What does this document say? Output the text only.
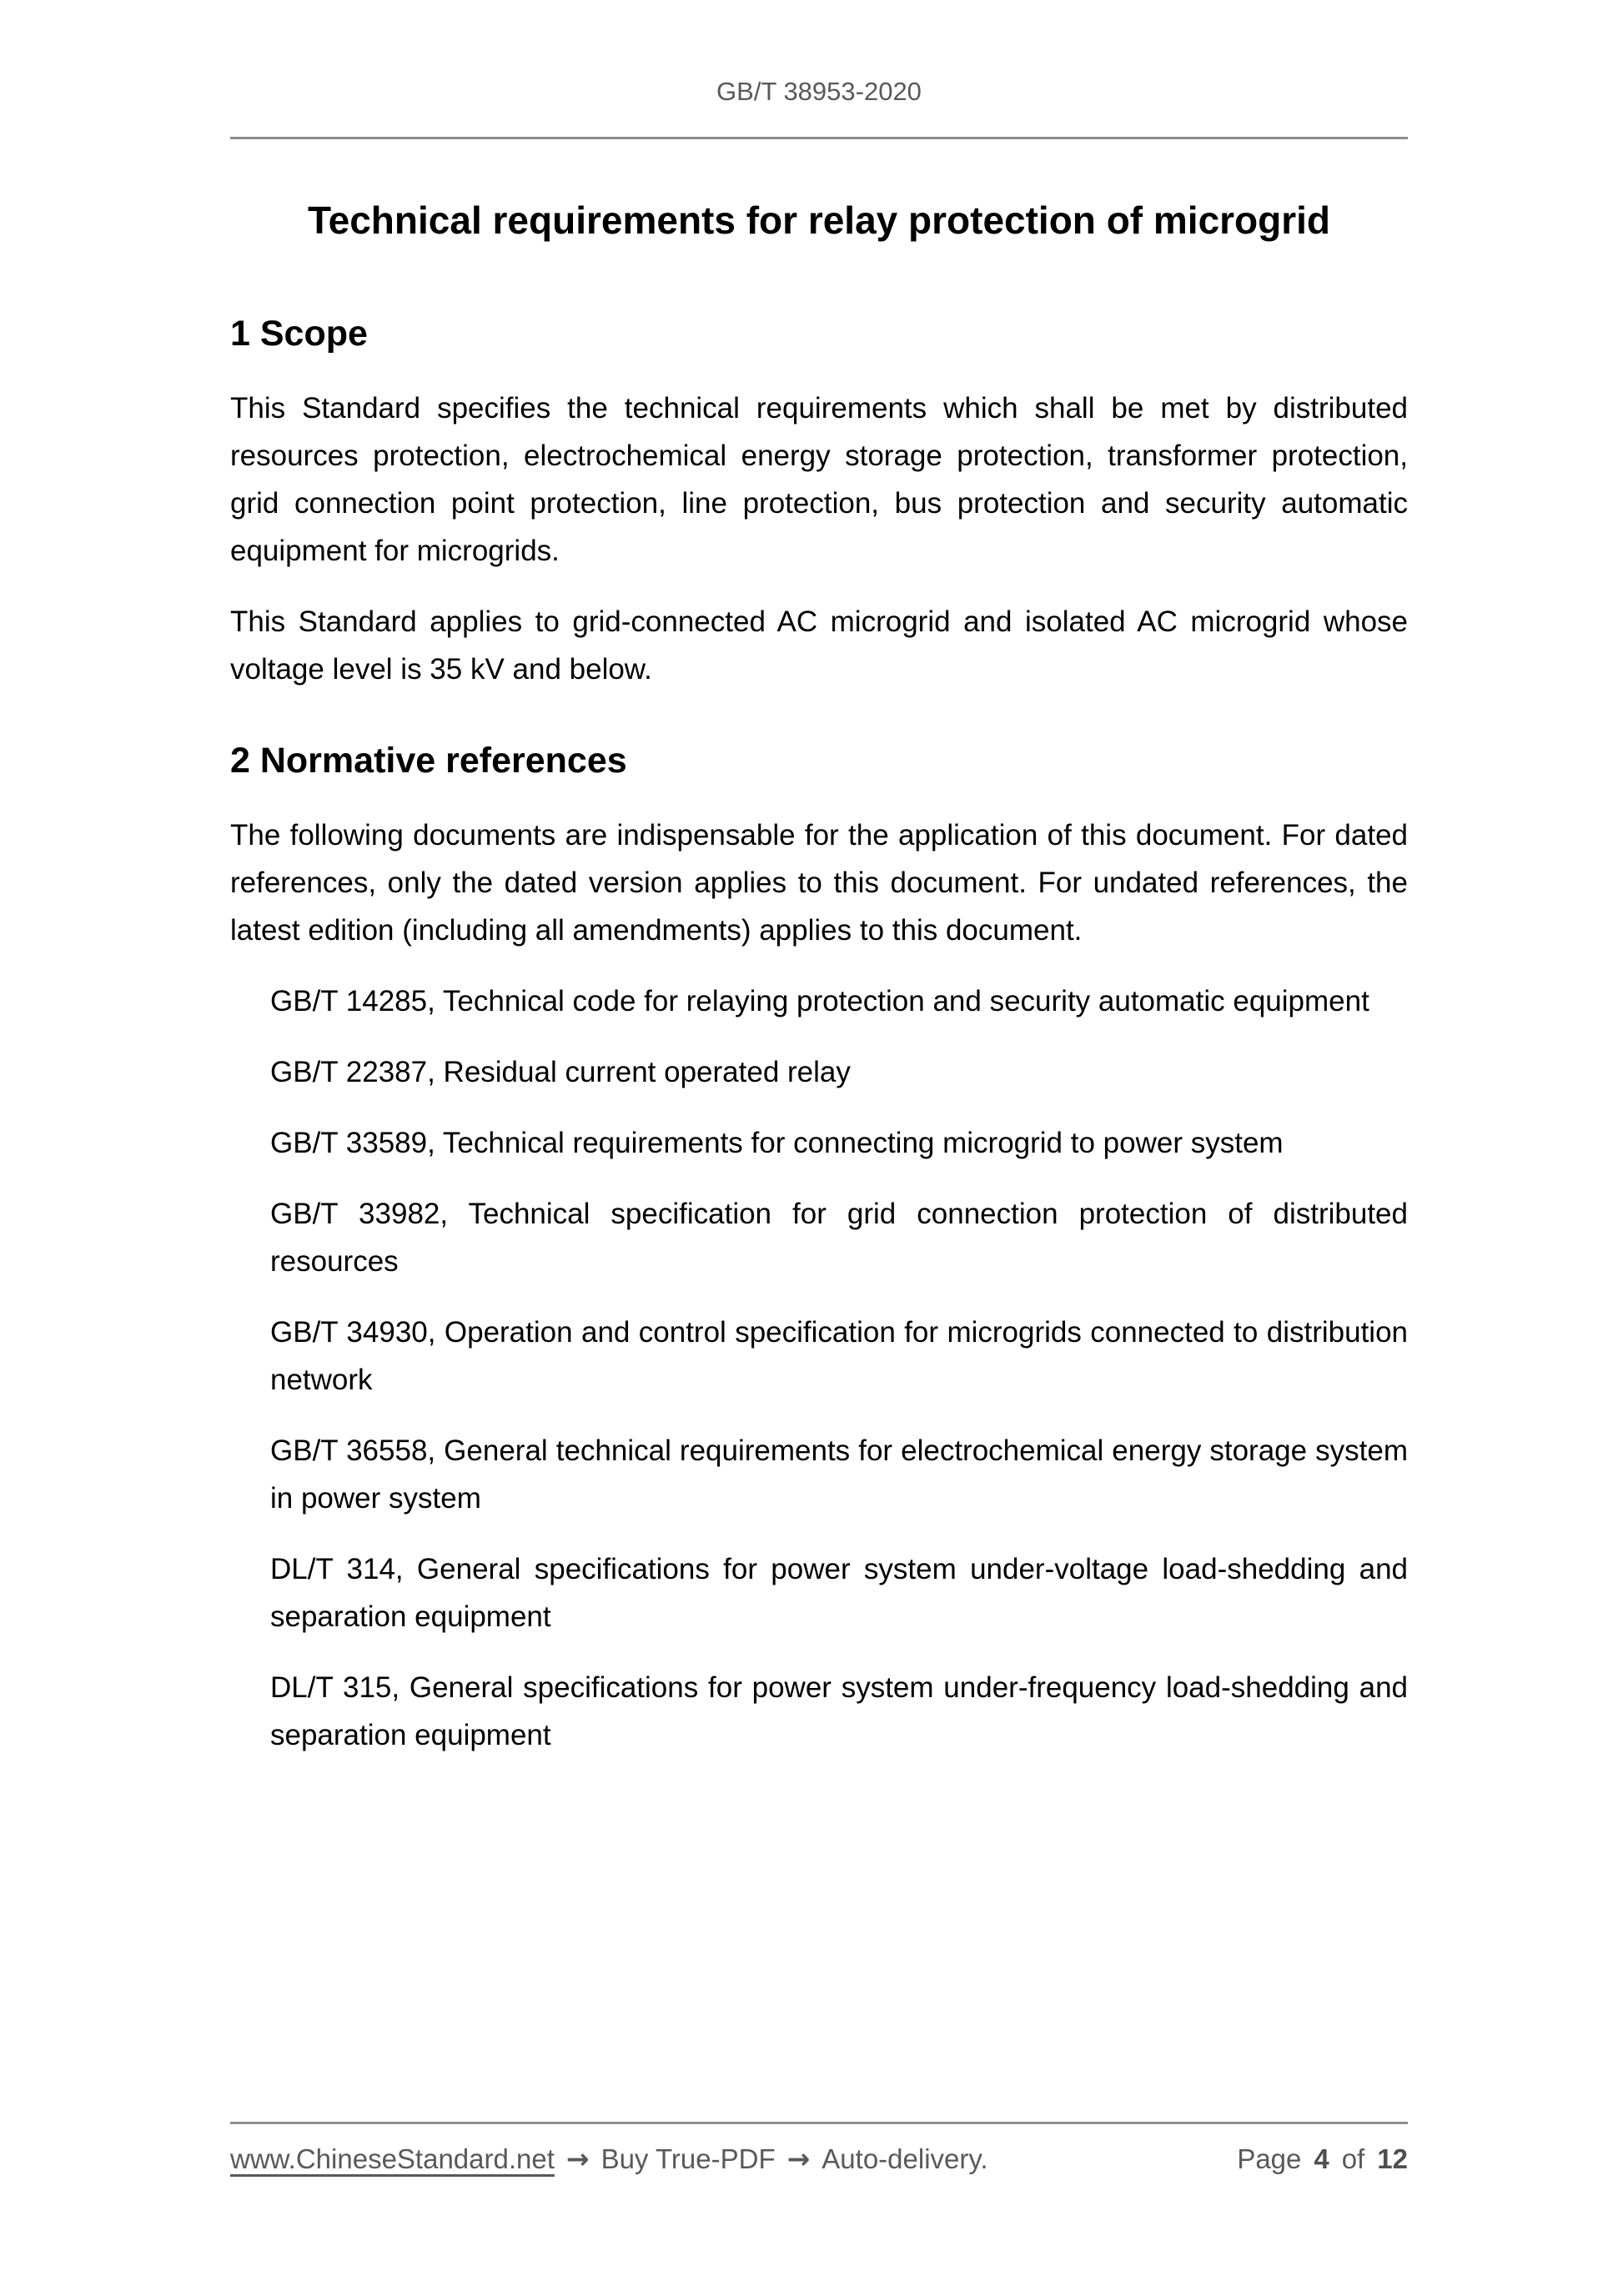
GB/T 38953-2020
Technical requirements for relay protection of microgrid
1 Scope

This Standard specifies the technical requirements which shall be met by distributed resources protection, electrochemical energy storage protection, transformer protection, grid connection point protection, line protection, bus protection and security automatic equipment for microgrids.

This Standard applies to grid-connected AC microgrid and isolated AC microgrid whose voltage level is 35 kV and below.

2 Normative references

The following documents are indispensable for the application of this document. For dated references, only the dated version applies to this document. For undated references, the latest edition (including all amendments) applies to this document.

GB/T 14285, Technical code for relaying protection and security automatic equipment

GB/T 22387, Residual current operated relay

GB/T 33589, Technical requirements for connecting microgrid to power system

GB/T 33982, Technical specification for grid connection protection of distributed resources

GB/T 34930, Operation and control specification for microgrids connected to distribution network

GB/T 36558, General technical requirements for electrochemical energy storage system in power system

DL/T 314, General specifications for power system under-voltage load-shedding and separation equipment

DL/T 315, General specifications for power system under-frequency load-shedding and separation equipment

www.ChineseStandard.net → Buy True-PDF → Auto-delivery.	Page 4 of 12
